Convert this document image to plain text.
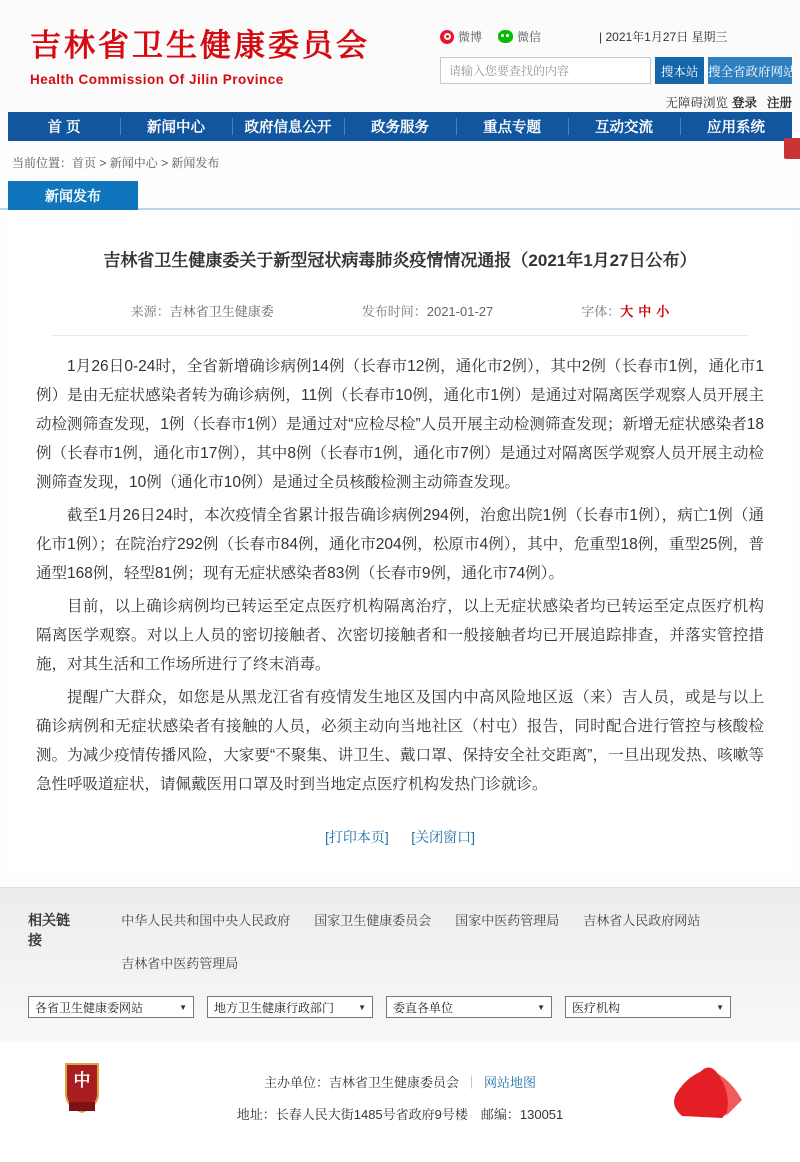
吉林省卫生健康委员会
Health Commission Of Jilin Province
微博	微信	| 2021年1月27日 星期三
请输入您要查找的内容
搜本站 搜全省政府网站
无障碍浏览 登录 注册
首 页	新闻中心	政府信息公开	政务服务	重点专题	互动交流	应用系统
当前位置：首页 > 新闻中心 > 新闻发布
新闻发布
吉林省卫生健康委关于新型冠状病毒肺炎疫情情况通报（2021年1月27日公布）
来源：吉林省卫生健康委	发布时间：2021-01-27	字体： 大 中 小

1月26日0-24时，全省新增确诊病例14例（长春市12例，通化市2例），其中2例（长春市1例，通化市1例）是由无症状感染者转为确诊病例，11例（长春市10例，通化市1例）是通过对隔离医学观察人员开展主动检测筛查发现，1例（长春市1例）是通过对“应检尽检”人员开展主动检测筛查发现；新增无症状感染者18例（长春市1例，通化市17例），其中8例（长春市1例，通化市7例）是通过对隔离医学观察人员开展主动检测筛查发现，10例（通化市10例）是通过全员核酸检测主动筛查发现。

截至1月26日24时，本次疫情全省累计报告确诊病例294例，治愈出院1例（长春市1例），病亡1例（通化市1例）；在院治疗292例（长春市84例，通化市204例，松原市4例），其中，危重型18例，重型25例，普通型168例，轻型81例；现有无症状感染者83例（长春市9例，通化市74例）。

目前，以上确诊病例均已转运至定点医疗机构隔离治疗，以上无症状感染者均已转运至定点医疗机构隔离医学观察。对以上人员的密切接触者、次密切接触者和一般接触者均已开展追踪排查，并落实管控措施，对其生活和工作场所进行了终末消毒。

提醒广大群众，如您是从黑龙江省有疫情发生地区及国内中高风险地区返（来）吉人员，或是与以上确诊病例和无症状感染者有接触的人员，必须主动向当地社区（村屯）报告，同时配合进行管控与核酸检测。为减少疫情传播风险，大家要“不聚集、讲卫生、戴口罩、保持安全社交距离”，一旦出现发热、咳嗽等急性呼吸道症状，请佩戴医用口罩及时到当地定点医疗机构发热门诊就诊。

[打印本页] [关闭窗口]
相关链接
中华人民共和国中央人民政府 国家卫生健康委员会 国家中医药管理局 吉林省人民政府网站
吉林省中医药管理局
各省卫生健康委网站	▼ 地方卫生健康行政部门	▼ 委直各单位	▼ 医疗机构	▼
中	主办单位：吉林省卫生健康委员会 ｜ 网站地图
地址：长春人民大街1485号省政府9号楼　邮编：130051
